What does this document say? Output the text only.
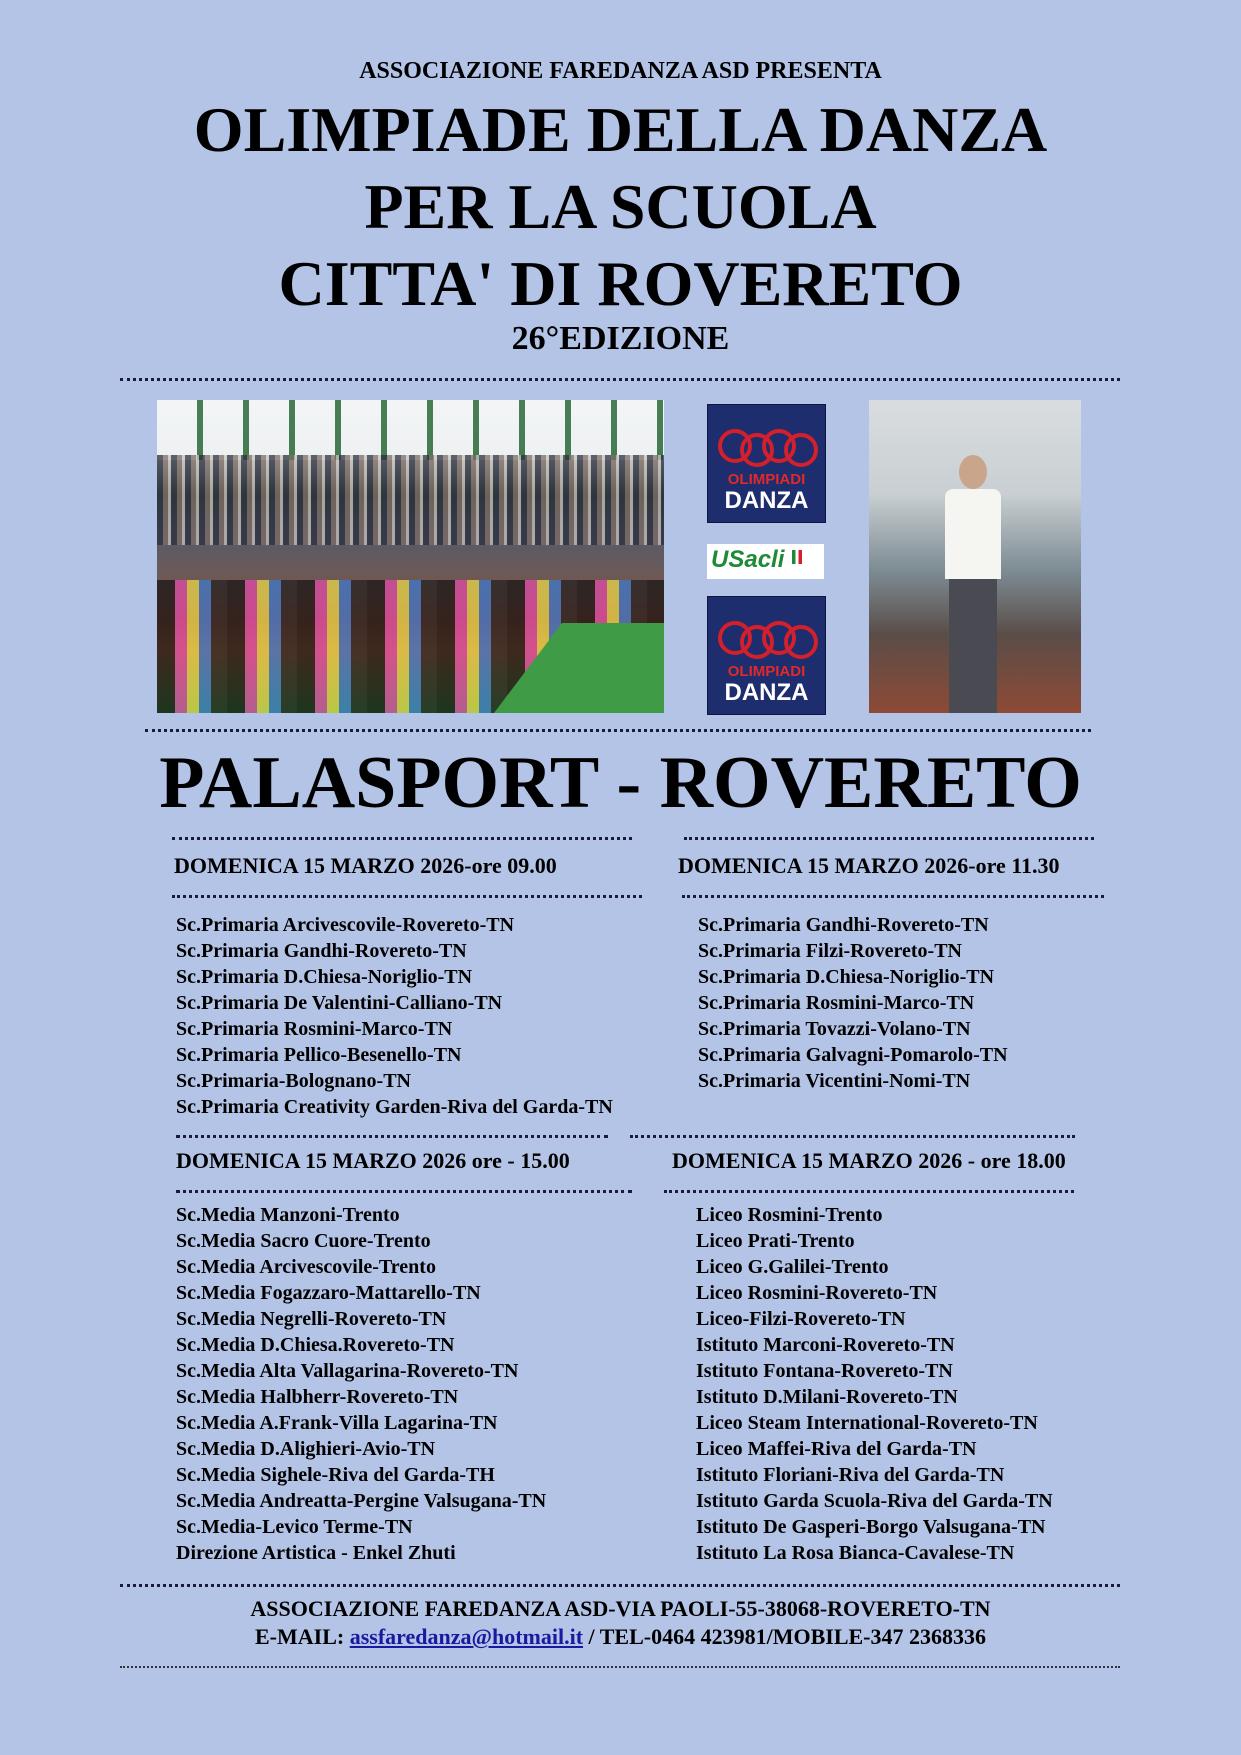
ASSOCIAZIONE FAREDANZA ASD PRESENTA
OLIMPIADE DELLA DANZA
PER LA SCUOLA
CITTA' DI ROVERETO
26°EDIZIONE
OLIMPIADI
DANZA
USacli
OLIMPIADI
DANZA
PALASPORT - ROVERETO
DOMENICA 15 MARZO 2026-ore 09.00
Sc.Primaria Arcivescovile-Rovereto-TN
Sc.Primaria Gandhi-Rovereto-TN
Sc.Primaria D.Chiesa-Noriglio-TN
Sc.Primaria De Valentini-Calliano-TN
Sc.Primaria Rosmini-Marco-TN
Sc.Primaria Pellico-Besenello-TN
Sc.Primaria-Bolognano-TN
Sc.Primaria Creativity Garden-Riva del Garda-TN
DOMENICA 15 MARZO 2026-ore 11.30
Sc.Primaria Gandhi-Rovereto-TN
Sc.Primaria Filzi-Rovereto-TN
Sc.Primaria D.Chiesa-Noriglio-TN
Sc.Primaria Rosmini-Marco-TN
Sc.Primaria Tovazzi-Volano-TN
Sc.Primaria Galvagni-Pomarolo-TN
Sc.Primaria Vicentini-Nomi-TN
DOMENICA 15 MARZO 2026 ore - 15.00
Sc.Media Manzoni-Trento
Sc.Media Sacro Cuore-Trento
Sc.Media Arcivescovile-Trento
Sc.Media Fogazzaro-Mattarello-TN
Sc.Media Negrelli-Rovereto-TN
Sc.Media D.Chiesa.Rovereto-TN
Sc.Media Alta Vallagarina-Rovereto-TN
Sc.Media Halbherr-Rovereto-TN
Sc.Media A.Frank-Villa Lagarina-TN
Sc.Media D.Alighieri-Avio-TN
Sc.Media Sighele-Riva del Garda-TH
Sc.Media Andreatta-Pergine Valsugana-TN
Sc.Media-Levico Terme-TN
Direzione Artistica - Enkel Zhuti
DOMENICA 15 MARZO 2026 - ore 18.00
Liceo Rosmini-Trento
Liceo Prati-Trento
Liceo G.Galilei-Trento
Liceo Rosmini-Rovereto-TN
Liceo-Filzi-Rovereto-TN
Istituto Marconi-Rovereto-TN
Istituto Fontana-Rovereto-TN
Istituto D.Milani-Rovereto-TN
Liceo Steam International-Rovereto-TN
Liceo Maffei-Riva del Garda-TN
Istituto Floriani-Riva del Garda-TN
Istituto Garda Scuola-Riva del Garda-TN
Istituto De Gasperi-Borgo Valsugana-TN
Istituto La Rosa Bianca-Cavalese-TN
ASSOCIAZIONE FAREDANZA ASD-VIA PAOLI-55-38068-ROVERETO-TN
E-MAIL: assfaredanza@hotmail.it / TEL-0464 423981/MOBILE-347 2368336
